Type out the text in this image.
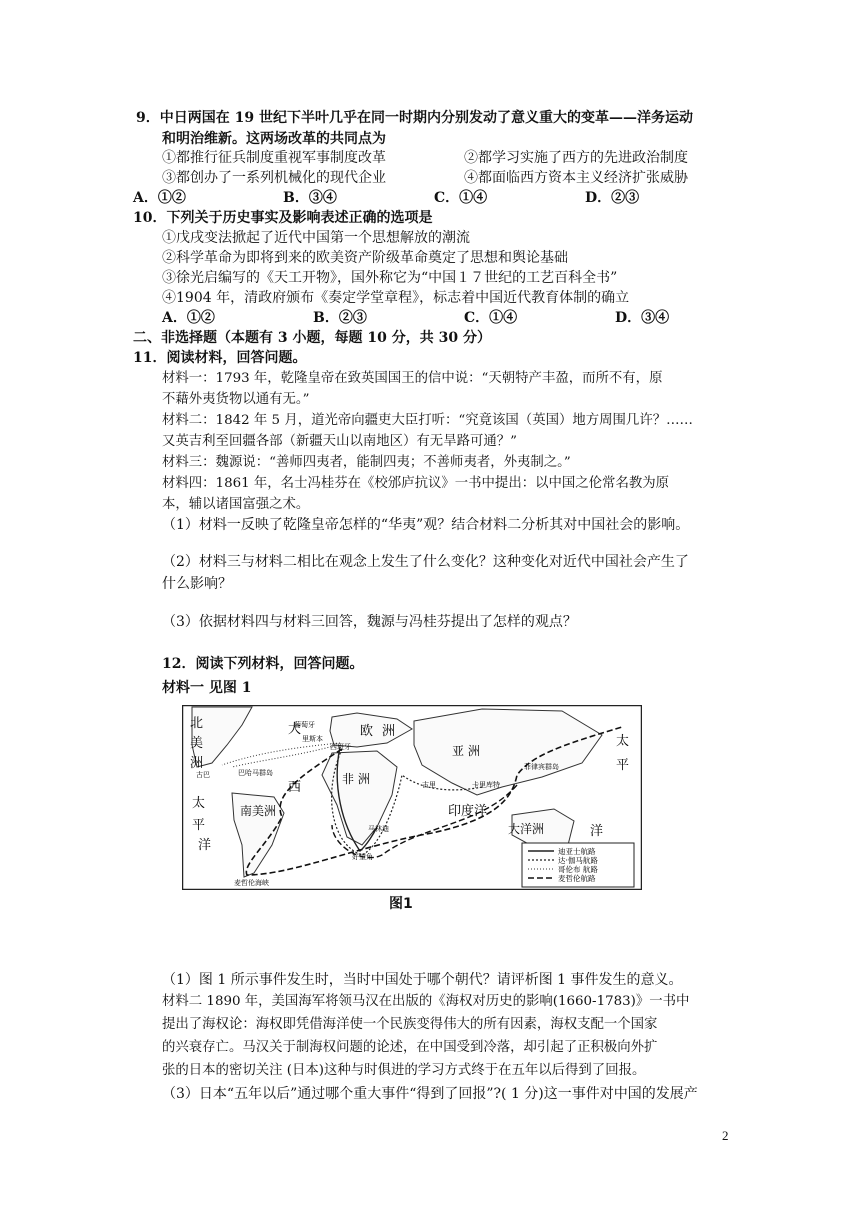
9．中日两国在 19 世纪下半叶几乎在同一时期内分别发动了意义重大的变革——洋务运动
和明治维新。这两场改革的共同点为
①都推行征兵制度重视军事制度改革	②都学习实施了西方的先进政治制度
③都创办了一系列机械化的现代企业	④都面临西方资本主义经济扩张威胁
A．①②	B．③④	C．①④	D．②③
10．下列关于历史事实及影响表述正确的选项是
①戊戌变法掀起了近代中国第一个思想解放的潮流
②科学革命为即将到来的欧美资产阶级革命奠定了思想和舆论基础
③徐光启编写的《天工开物》，国外称它为“中国１７世纪的工艺百科全书”
④1904 年，清政府颁布《奏定学堂章程》，标志着中国近代教育体制的确立
A．①②	B．②③	C．①④	D．③④
二、非选择题（本题有 3 小题，每题 10 分，共 30 分）
11．阅读材料，回答问题。
材料一：1793 年，乾隆皇帝在致英国国王的信中说：“天朝特产丰盈，而所不有，原
不藉外夷货物以通有无。”
材料二：1842 年 5 月，道光帝向疆吏大臣打听：“究竟该国（英国）地方周围几许？……
又英吉利至回疆各部（新疆天山以南地区）有无旱路可通？”
材料三：魏源说：“善师四夷者，能制四夷；不善师夷者，外夷制之。”
材料四：1861 年，名士冯桂芬在《校邠庐抗议》一书中提出：以中国之伦常名教为原
本，辅以诸国富强之术。
（1）材料一反映了乾隆皇帝怎样的“华夷”观？结合材料二分析其对中国社会的影响。
（2）材料三与材料二相比在观念上发生了什么变化？这种变化对近代中国社会产生了
什么影响？
（3）依据材料四与材料三回答，魏源与冯桂芬提出了怎样的观点？
12．阅读下列材料，回答问题。
材料一 见图 1
迪亚士航路
达·伽马航路
哥伦布 航路
麦哲伦航路
北
美
洲
大	欧 洲
西
太
平
洋
太
平
洋
南美洲
非 洲
亚 洲
印度洋
大洋洲
葡萄牙
里斯本
西班牙
古巴	巴哈马群岛
菲律宾群岛
马林迪
好望角
麦哲伦海峡
古里	卡里库特
图1
（1）图 1 所示事件发生时，当时中国处于哪个朝代？请评析图 1 事件发生的意义。
材料二 1890 年，美国海军将领马汉在出版的《海权对历史的影响(1660-1783)》一书中
提出了海权论：海权即凭借海洋使一个民族变得伟大的所有因素，海权支配一个国家
的兴衰存亡。马汉关于制海权问题的论述，在中国受到冷落，却引起了正积极向外扩
张的日本的密切关注 (日本)这种与时俱进的学习方式终于在五年以后得到了回报。
（3）日本“五年以后”通过哪个重大事件“得到了回报”?( 1 分)这一事件对中国的发展产
2
